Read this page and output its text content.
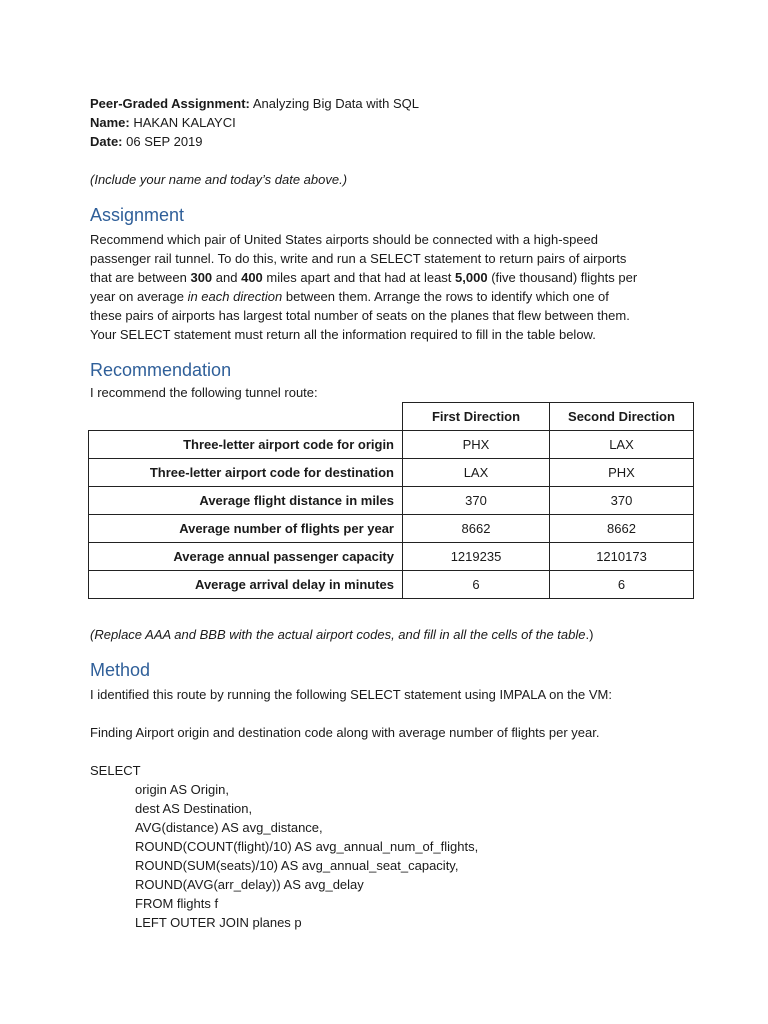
Peer-Graded Assignment: Analyzing Big Data with SQL
Name: HAKAN KALAYCI
Date: 06 SEP 2019
(Include your name and today’s date above.)
Assignment
Recommend which pair of United States airports should be connected with a high-speed
passenger rail tunnel. To do this, write and run a SELECT statement to return pairs of airports
that are between 300 and 400 miles apart and that had at least 5,000 (five thousand) flights per
year on average in each direction between them. Arrange the rows to identify which one of
these pairs of airports has largest total number of seats on the planes that flew between them.
Your SELECT statement must return all the information required to fill in the table below.
Recommendation
I recommend the following tunnel route:
	First Direction	Second Direction
Three-letter airport code for origin	PHX	LAX
Three-letter airport code for destination	LAX	PHX
Average flight distance in miles	370	370
Average number of flights per year	8662	8662
Average annual passenger capacity	1219235	1210173
Average arrival delay in minutes	6	6
(Replace AAA and BBB with the actual airport codes, and fill in all the cells of the table.)
Method
I identified this route by running the following SELECT statement using IMPALA on the VM:
Finding Airport origin and destination code along with average number of flights per year.
SELECT
origin AS Origin,
dest AS Destination,
AVG(distance) AS avg_distance,
ROUND(COUNT(flight)/10) AS avg_annual_num_of_flights,
ROUND(SUM(seats)/10) AS avg_annual_seat_capacity,
ROUND(AVG(arr_delay)) AS avg_delay
FROM flights f
LEFT OUTER JOIN planes p
